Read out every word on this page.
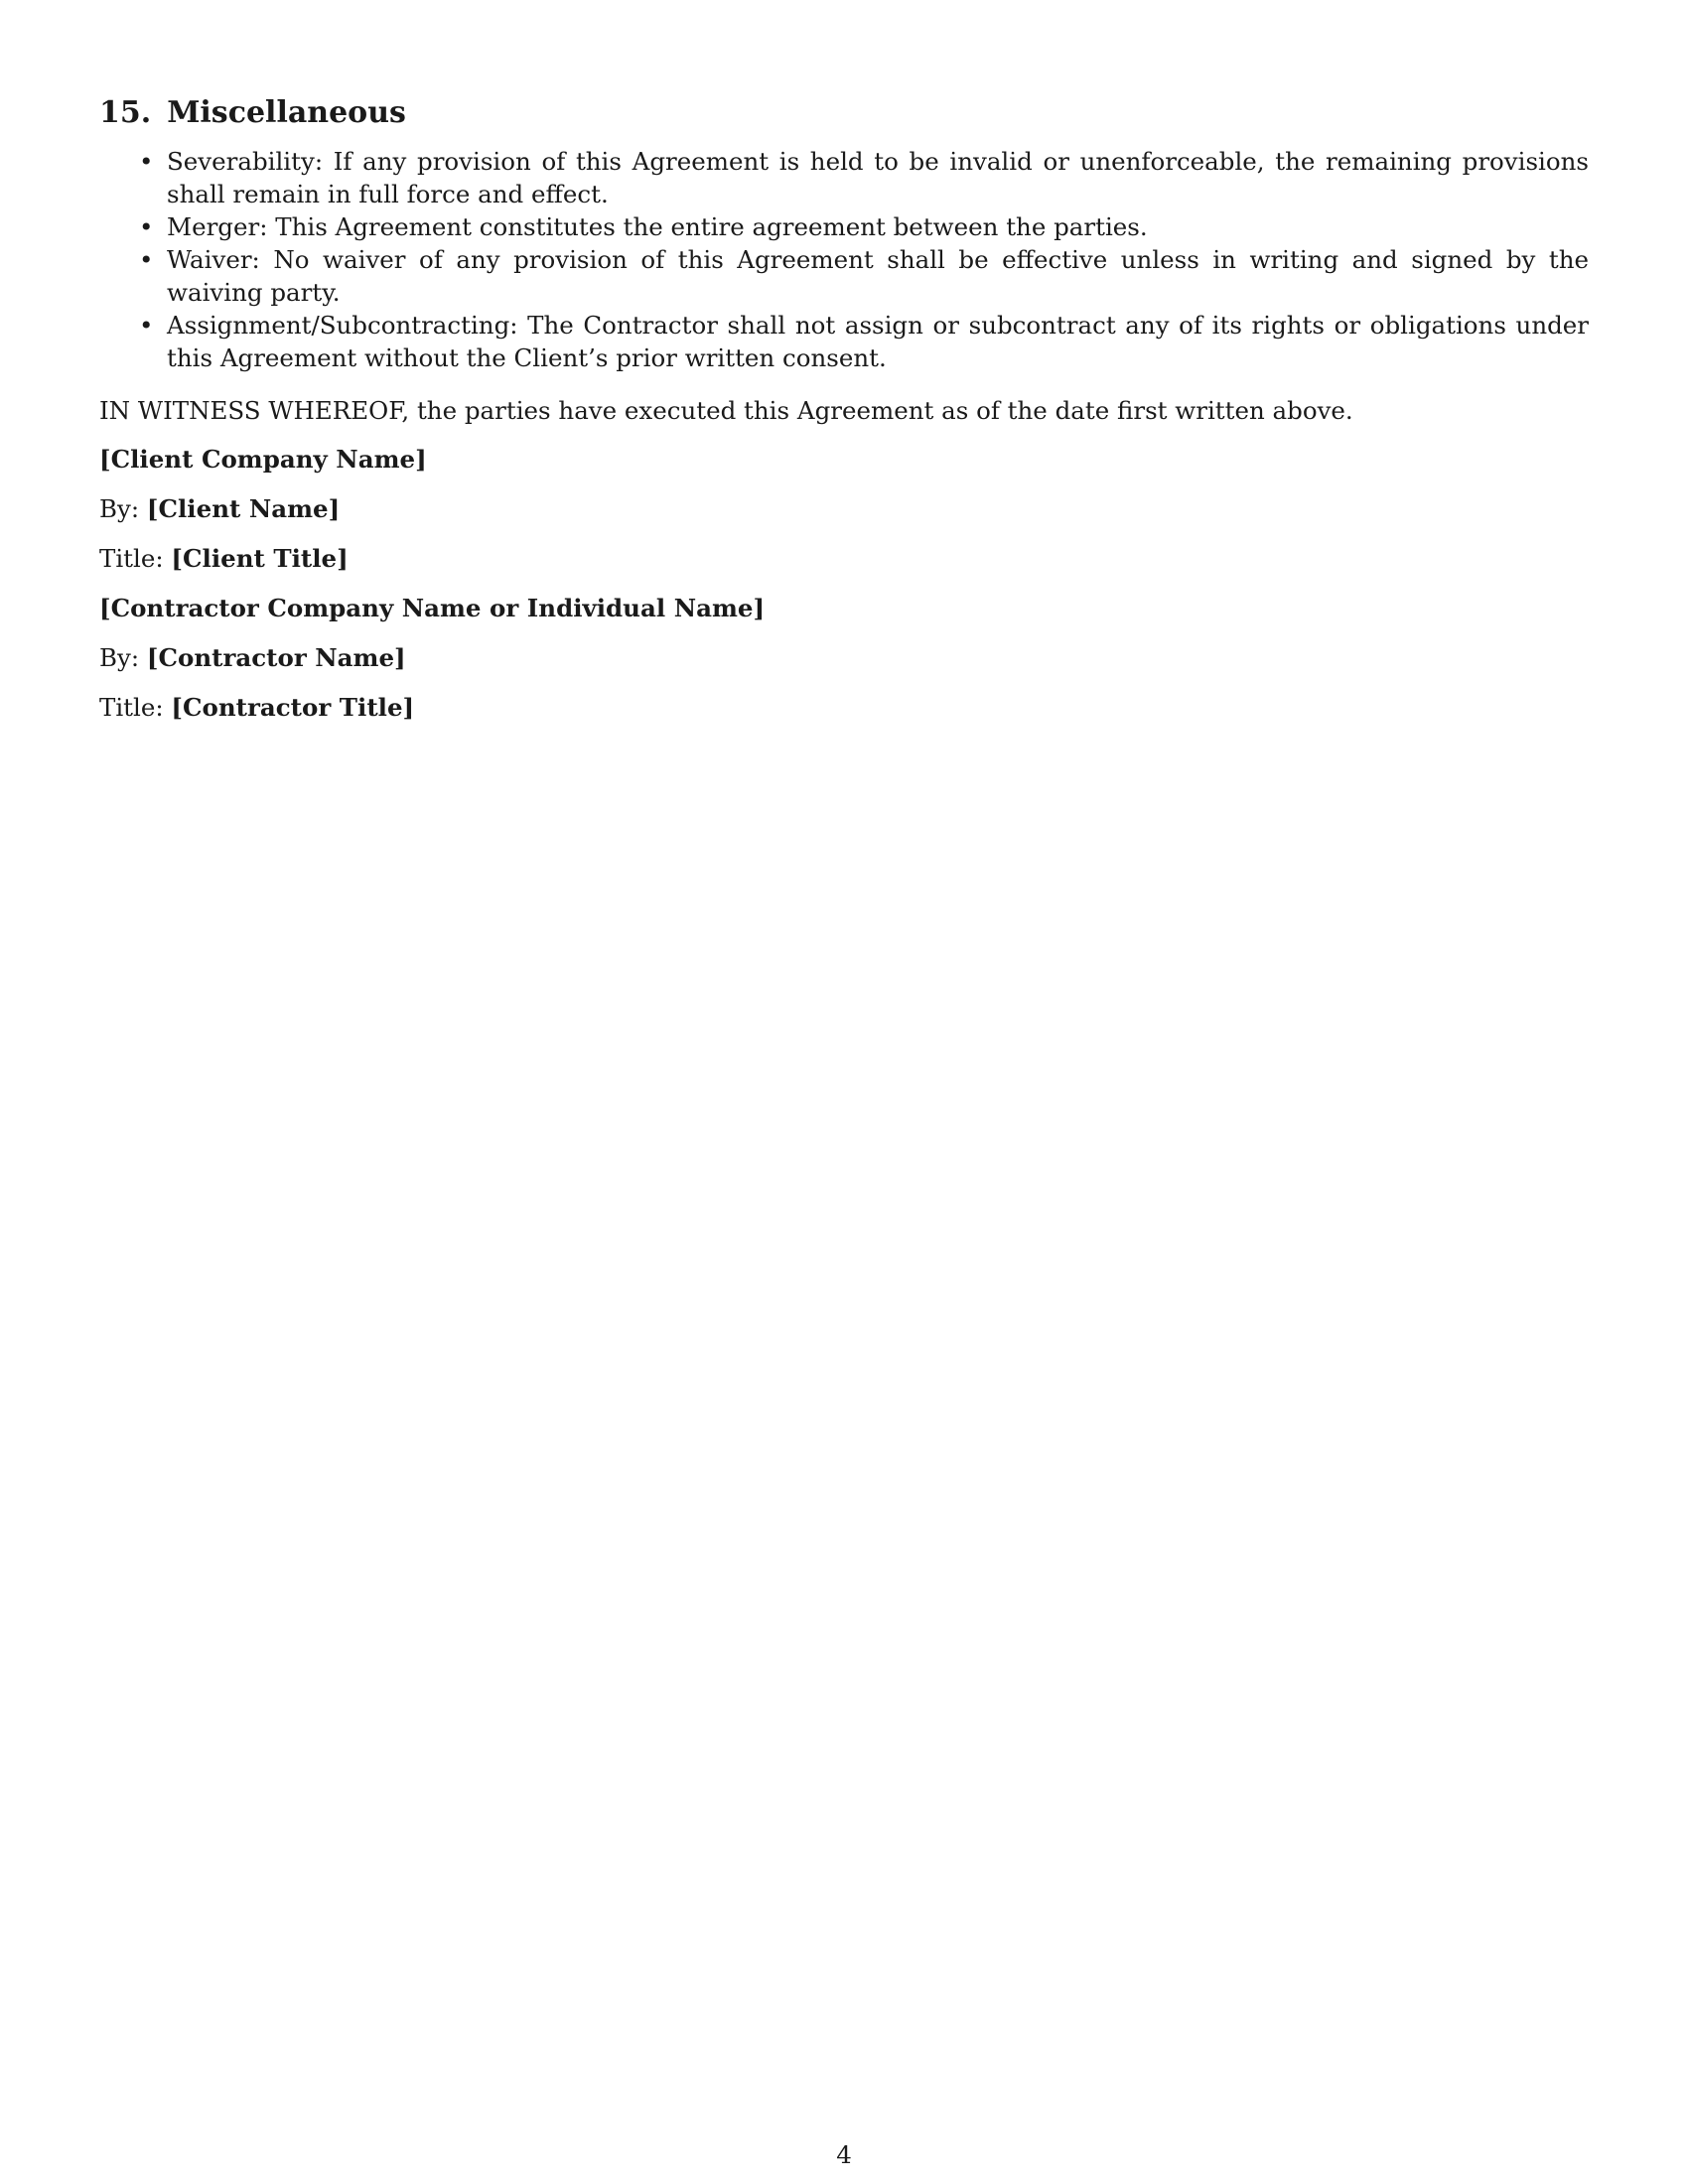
15. Miscellaneous
• Severability: If any provision of this Agreement is held to be invalid or unenforceable, the remaining provisions shall remain in full force and effect.
• Merger: This Agreement constitutes the entire agreement between the parties.
• Waiver: No waiver of any provision of this Agreement shall be effective unless in writing and signed by the waiving party.
• Assignment/Subcontracting: The Contractor shall not assign or subcontract any of its rights or obligations under this Agreement without the Client’s prior written consent.

IN WITNESS WHEREOF, the parties have executed this Agreement as of the date first written above.

[Client Company Name]
By: [Client Name]
Title: [Client Title]
[Contractor Company Name or Individual Name]
By: [Contractor Name]
Title: [Contractor Title]
4
